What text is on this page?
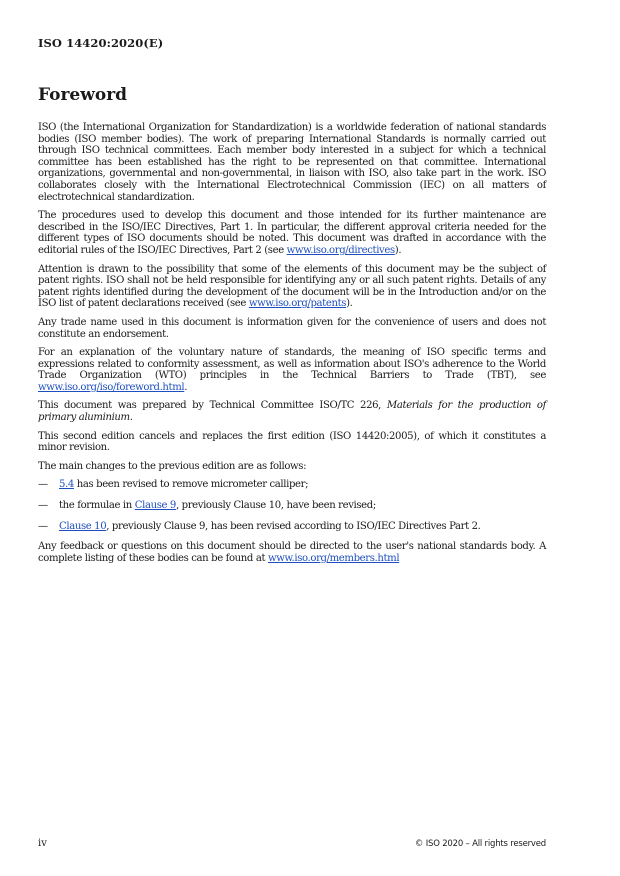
ISO 14420:2020(E)
Foreword

ISO (the International Organization for Standardization) is a worldwide federation of national standards bodies (ISO member bodies). The work of preparing International Standards is normally carried out through ISO technical committees. Each member body interested in a subject for which a technical committee has been established has the right to be represented on that committee. International organizations, governmental and non-governmental, in liaison with ISO, also take part in the work. ISO collaborates closely with the International Electrotechnical Commission (IEC) on all matters of electrotechnical standardization.

The procedures used to develop this document and those intended for its further maintenance are described in the ISO/IEC Directives, Part 1. In particular, the different approval criteria needed for the different types of ISO documents should be noted. This document was drafted in accordance with the editorial rules of the ISO/IEC Directives, Part 2 (see www.iso.org/directives).

Attention is drawn to the possibility that some of the elements of this document may be the subject of patent rights. ISO shall not be held responsible for identifying any or all such patent rights. Details of any patent rights identified during the development of the document will be in the Introduction and/or on the ISO list of patent declarations received (see www.iso.org/patents).

Any trade name used in this document is information given for the convenience of users and does not constitute an endorsement.

For an explanation of the voluntary nature of standards, the meaning of ISO specific terms and expressions related to conformity assessment, as well as information about ISO's adherence to the World Trade Organization (WTO) principles in the Technical Barriers to Trade (TBT), see www.iso.org/iso/foreword.html.

This document was prepared by Technical Committee ISO/TC 226, Materials for the production of primary aluminium.

This second edition cancels and replaces the first edition (ISO 14420:2005), of which it constitutes a minor revision.

The main changes to the previous edition are as follows:

—	5.4 has been revised to remove micrometer calliper;
—	the formulae in Clause 9, previously Clause 10, have been revised;
—	Clause 10, previously Clause 9, has been revised according to ISO/IEC Directives Part 2.

Any feedback or questions on this document should be directed to the user's national standards body. A complete listing of these bodies can be found at www.iso.org/members.html

iv	© ISO 2020 – All rights reserved
